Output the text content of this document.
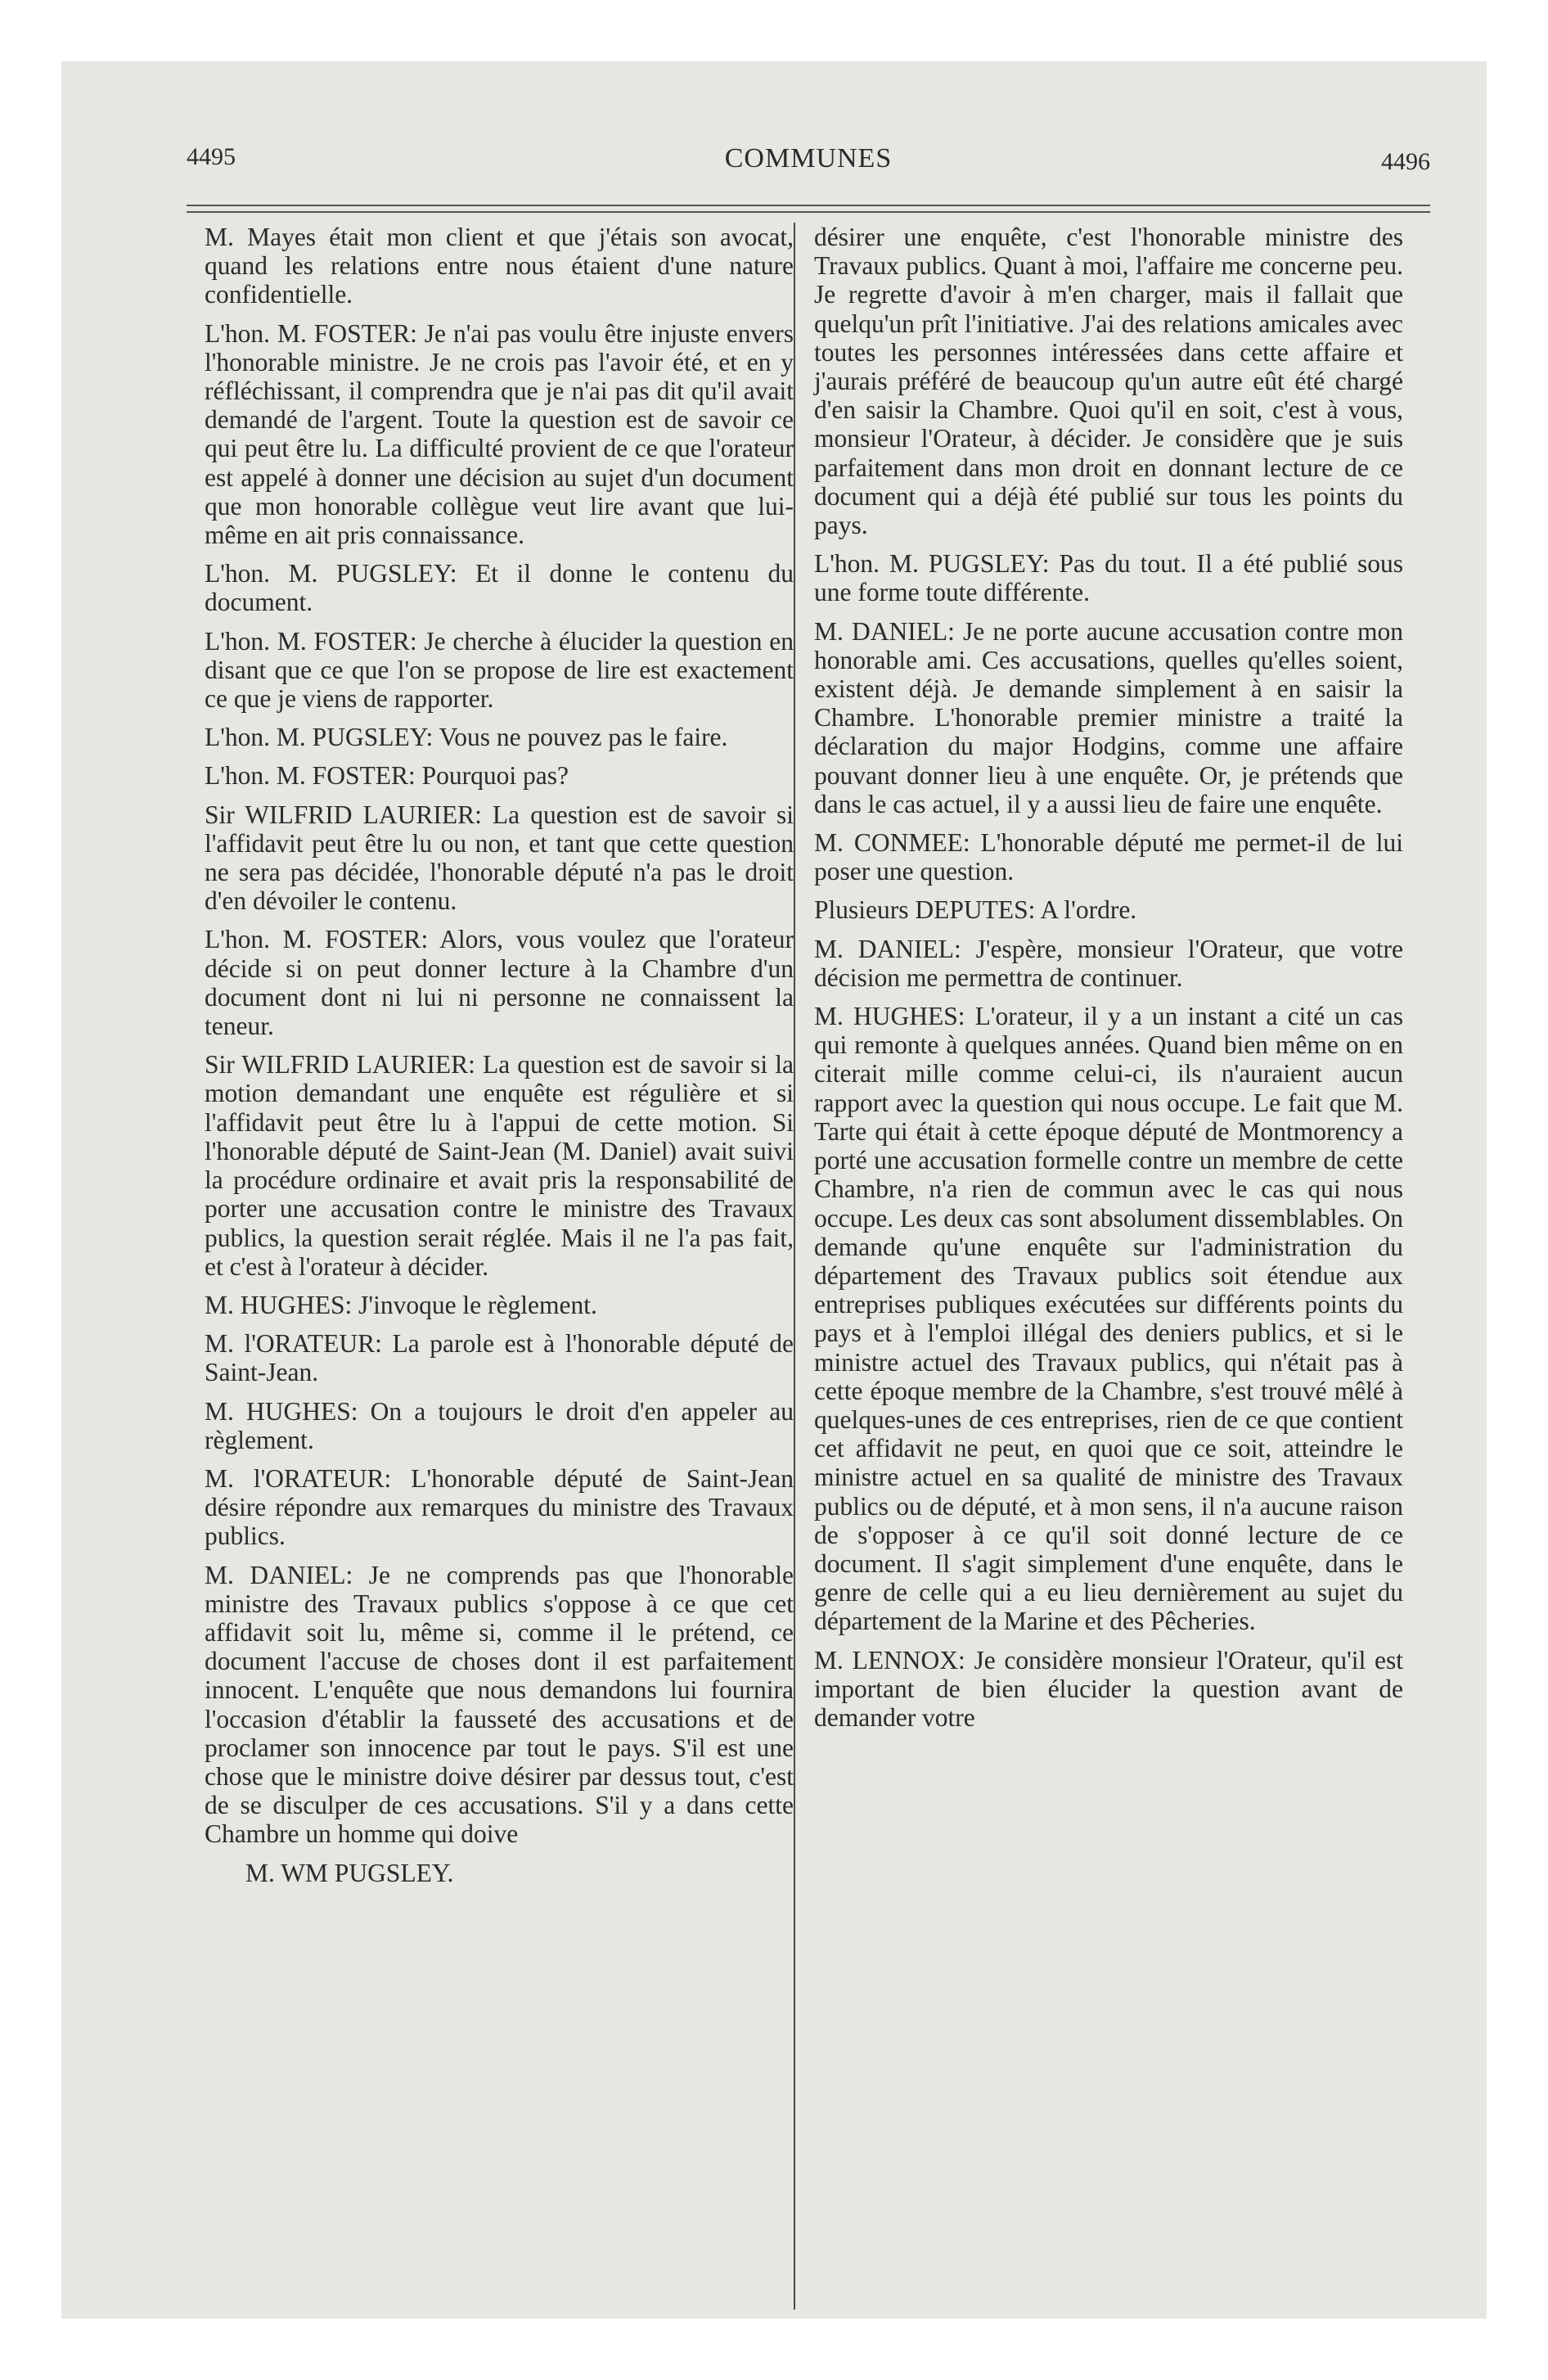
4495	COMMUNES	4496

M. Mayes était mon client et que j'étais son avocat, quand les relations entre nous étaient d'une nature confidentielle.

L'hon. M. FOSTER: Je n'ai pas voulu être injuste envers l'honorable ministre. Je ne crois pas l'avoir été, et en y réfléchissant, il comprendra que je n'ai pas dit qu'il avait demandé de l'argent. Toute la question est de savoir ce qui peut être lu. La difficulté provient de ce que l'orateur est appelé à donner une décision au sujet d'un document que mon honorable collègue veut lire avant que lui-même en ait pris connaissance.

L'hon. M. PUGSLEY: Et il donne le contenu du document.

L'hon. M. FOSTER: Je cherche à élucider la question en disant que ce que l'on se propose de lire est exactement ce que je viens de rapporter.

L'hon. M. PUGSLEY: Vous ne pouvez pas le faire.

L'hon. M. FOSTER: Pourquoi pas?

Sir WILFRID LAURIER: La question est de savoir si l'affidavit peut être lu ou non, et tant que cette question ne sera pas décidée, l'honorable député n'a pas le droit d'en dévoiler le contenu.

L'hon. M. FOSTER: Alors, vous voulez que l'orateur décide si on peut donner lecture à la Chambre d'un document dont ni lui ni personne ne connaissent la teneur.

Sir WILFRID LAURIER: La question est de savoir si la motion demandant une enquête est régulière et si l'affidavit peut être lu à l'appui de cette motion. Si l'honorable député de Saint-Jean (M. Daniel) avait suivi la procédure ordinaire et avait pris la responsabilité de porter une accusation contre le ministre des Travaux publics, la question serait réglée. Mais il ne l'a pas fait, et c'est à l'orateur à décider.

M. HUGHES: J'invoque le règlement.

M. l'ORATEUR: La parole est à l'honorable député de Saint-Jean.

M. HUGHES: On a toujours le droit d'en appeler au règlement.

M. l'ORATEUR: L'honorable député de Saint-Jean désire répondre aux remarques du ministre des Travaux publics.

M. DANIEL: Je ne comprends pas que l'honorable ministre des Travaux publics s'oppose à ce que cet affidavit soit lu, même si, comme il le prétend, ce document l'accuse de choses dont il est parfaitement innocent. L'enquête que nous demandons lui fournira l'occasion d'établir la fausseté des accusations et de proclamer son innocence par tout le pays. S'il est une chose que le ministre doive désirer par dessus tout, c'est de se disculper de ces accusations. S'il y a dans cette Chambre un homme qui doive

M. WM PUGSLEY.

désirer une enquête, c'est l'honorable ministre des Travaux publics. Quant à moi, l'affaire me concerne peu. Je regrette d'avoir à m'en charger, mais il fallait que quelqu'un prît l'initiative. J'ai des relations amicales avec toutes les personnes intéressées dans cette affaire et j'aurais préféré de beaucoup qu'un autre eût été chargé d'en saisir la Chambre. Quoi qu'il en soit, c'est à vous, monsieur l'Orateur, à décider. Je considère que je suis parfaitement dans mon droit en donnant lecture de ce document qui a déjà été publié sur tous les points du pays.

L'hon. M. PUGSLEY: Pas du tout. Il a été publié sous une forme toute différente.

M. DANIEL: Je ne porte aucune accusation contre mon honorable ami. Ces accusations, quelles qu'elles soient, existent déjà. Je demande simplement à en saisir la Chambre. L'honorable premier ministre a traité la déclaration du major Hodgins, comme une affaire pouvant donner lieu à une enquête. Or, je prétends que dans le cas actuel, il y a aussi lieu de faire une enquête.

M. CONMEE: L'honorable député me permet-il de lui poser une question.

Plusieurs DEPUTES: A l'ordre.

M. DANIEL: J'espère, monsieur l'Orateur, que votre décision me permettra de continuer.

M. HUGHES: L'orateur, il y a un instant a cité un cas qui remonte à quelques années. Quand bien même on en citerait mille comme celui-ci, ils n'auraient aucun rapport avec la question qui nous occupe. Le fait que M. Tarte qui était à cette époque député de Montmorency a porté une accusation formelle contre un membre de cette Chambre, n'a rien de commun avec le cas qui nous occupe. Les deux cas sont absolument dissemblables. On demande qu'une enquête sur l'administration du département des Travaux publics soit étendue aux entreprises publiques exécutées sur différents points du pays et à l'emploi illégal des deniers publics, et si le ministre actuel des Travaux publics, qui n'était pas à cette époque membre de la Chambre, s'est trouvé mêlé à quelques-unes de ces entreprises, rien de ce que contient cet affidavit ne peut, en quoi que ce soit, atteindre le ministre actuel en sa qualité de ministre des Travaux publics ou de député, et à mon sens, il n'a aucune raison de s'opposer à ce qu'il soit donné lecture de ce document. Il s'agit simplement d'une enquête, dans le genre de celle qui a eu lieu dernièrement au sujet du département de la Marine et des Pêcheries.

M. LENNOX: Je considère monsieur l'Orateur, qu'il est important de bien élucider la question avant de demander votre
